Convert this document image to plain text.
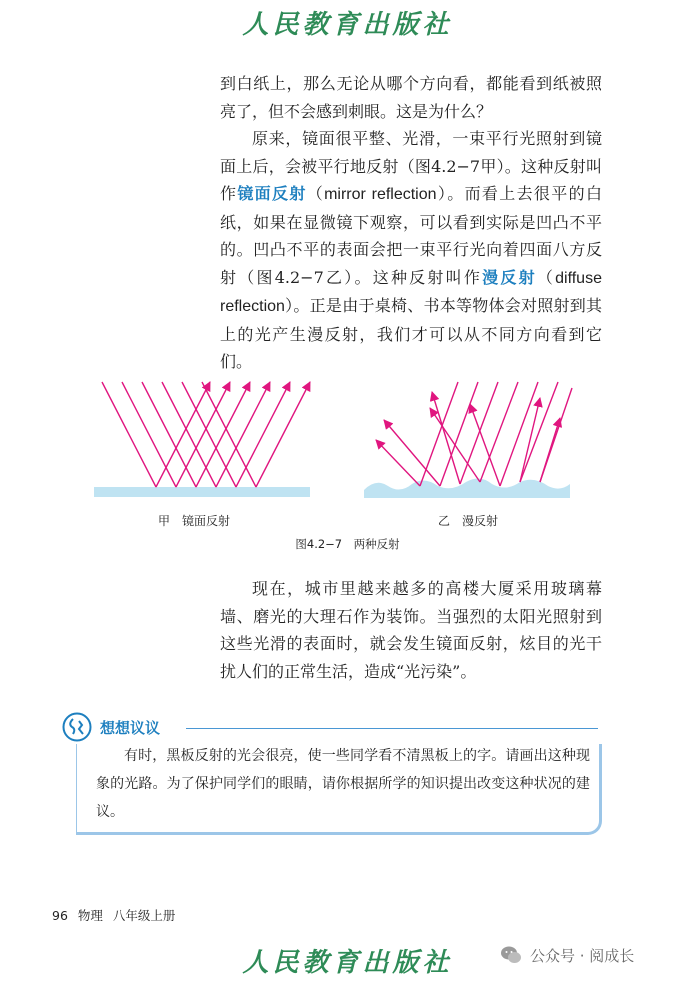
人民教育出版社

到白纸上，那么无论从哪个方向看，都能看到纸被照亮了，但不会感到刺眼。这是为什么？

原来，镜面很平整、光滑，一束平行光照射到镜面上后，会被平行地反射（图4.2−7甲）。这种反射叫作镜面反射（mirror reflection）。而看上去很平的白纸，如果在显微镜下观察，可以看到实际是凹凸不平的。凹凸不平的表面会把一束平行光向着四面八方反射（图4.2−7乙）。这种反射叫作漫反射（diffuse reflection）。正是由于桌椅、书本等物体会对照射到其上的光产生漫反射，我们才可以从不同方向看到它们。

甲　镜面反射	乙　漫反射
图4.2−7　两种反射

现在，城市里越来越多的高楼大厦采用玻璃幕墙、磨光的大理石作为装饰。当强烈的太阳光照射到这些光滑的表面时，就会发生镜面反射，炫目的光干扰人们的正常生活，造成“光污染”。

想想议议

有时，黑板反射的光会很亮，使一些同学看不清黑板上的字。请画出这种现象的光路。为了保护同学们的眼睛，请你根据所学的知识提出改变这种状况的建议。

96 物理 八年级上册
人民教育出版社	公众号 · 阅成长
